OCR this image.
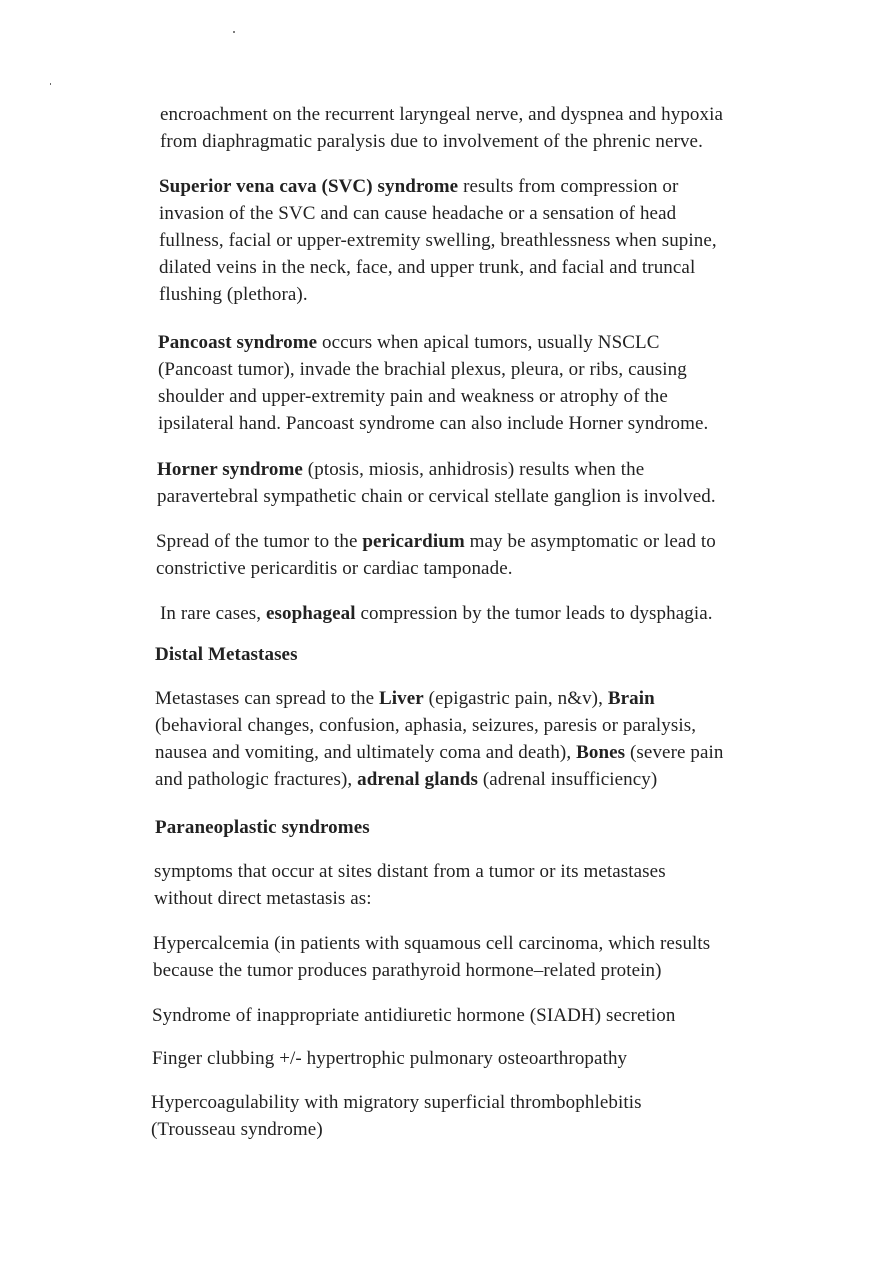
encroachment on the recurrent laryngeal nerve, and dyspnea and hypoxia
from diaphragmatic paralysis due to involvement of the phrenic nerve.

Superior vena cava (SVC) syndrome results from compression or
invasion of the SVC and can cause headache or a sensation of head
fullness, facial or upper-extremity swelling, breathlessness when supine,
dilated veins in the neck, face, and upper trunk, and facial and truncal
flushing (plethora).

Pancoast syndrome occurs when apical tumors, usually NSCLC
(Pancoast tumor), invade the brachial plexus, pleura, or ribs, causing
shoulder and upper-extremity pain and weakness or atrophy of the
ipsilateral hand. Pancoast syndrome can also include Horner syndrome.

Horner syndrome (ptosis, miosis, anhidrosis) results when the
paravertebral sympathetic chain or cervical stellate ganglion is involved.

Spread of the tumor to the pericardium may be asymptomatic or lead to
constrictive pericarditis or cardiac tamponade.

In rare cases, esophageal compression by the tumor leads to dysphagia.

Distal Metastases

Metastases can spread to the Liver (epigastric pain, n&v), Brain
(behavioral changes, confusion, aphasia, seizures, paresis or paralysis,
nausea and vomiting, and ultimately coma and death), Bones (severe pain
and pathologic fractures), adrenal glands (adrenal insufficiency)

Paraneoplastic syndromes

symptoms that occur at sites distant from a tumor or its metastases
without direct metastasis as:

Hypercalcemia (in patients with squamous cell carcinoma, which results
because the tumor produces parathyroid hormone–related protein)

Syndrome of inappropriate antidiuretic hormone (SIADH) secretion

Finger clubbing +/- hypertrophic pulmonary osteoarthropathy

Hypercoagulability with migratory superficial thrombophlebitis
(Trousseau syndrome)
